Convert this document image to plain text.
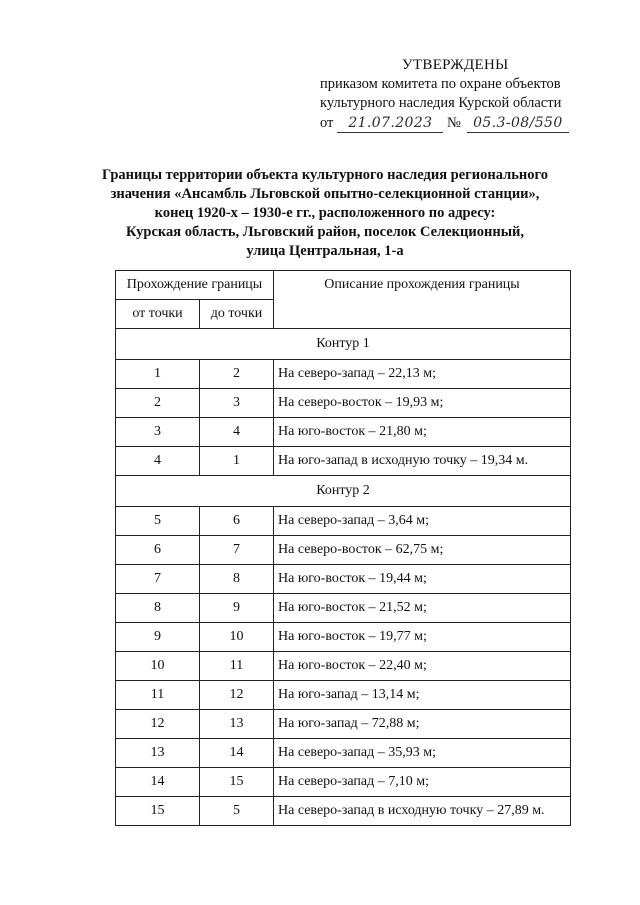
УТВЕРЖДЕНЫ
приказом комитета по охране объектов
культурного наследия Курской области
от 21.07.2023 № 05.3-08/550
Границы территории объекта культурного наследия регионального
значения «Ансамбль Льговской опытно-селекционной станции»,
конец 1920-х – 1930-е гг., расположенного по адресу:
Курская область, Льговский район, поселок Селекционный,
улица Центральная, 1-а
Прохождение границы		Описание прохождения границы
от точки	до точки	
Контур 1		
1	2	На северо-запад – 22,13 м;
2	3	На северо-восток – 19,93 м;
3	4	На юго-восток – 21,80 м;
4	1	На юго-запад в исходную точку – 19,34 м.
Контур 2		
5	6	На северо-запад – 3,64 м;
6	7	На северо-восток – 62,75 м;
7	8	На юго-восток – 19,44 м;
8	9	На юго-восток – 21,52 м;
9	10	На юго-восток – 19,77 м;
10	11	На юго-восток – 22,40 м;
11	12	На юго-запад – 13,14 м;
12	13	На юго-запад – 72,88 м;
13	14	На северо-запад – 35,93 м;
14	15	На северо-запад – 7,10 м;
15	5	На северо-запад в исходную точку – 27,89 м.
